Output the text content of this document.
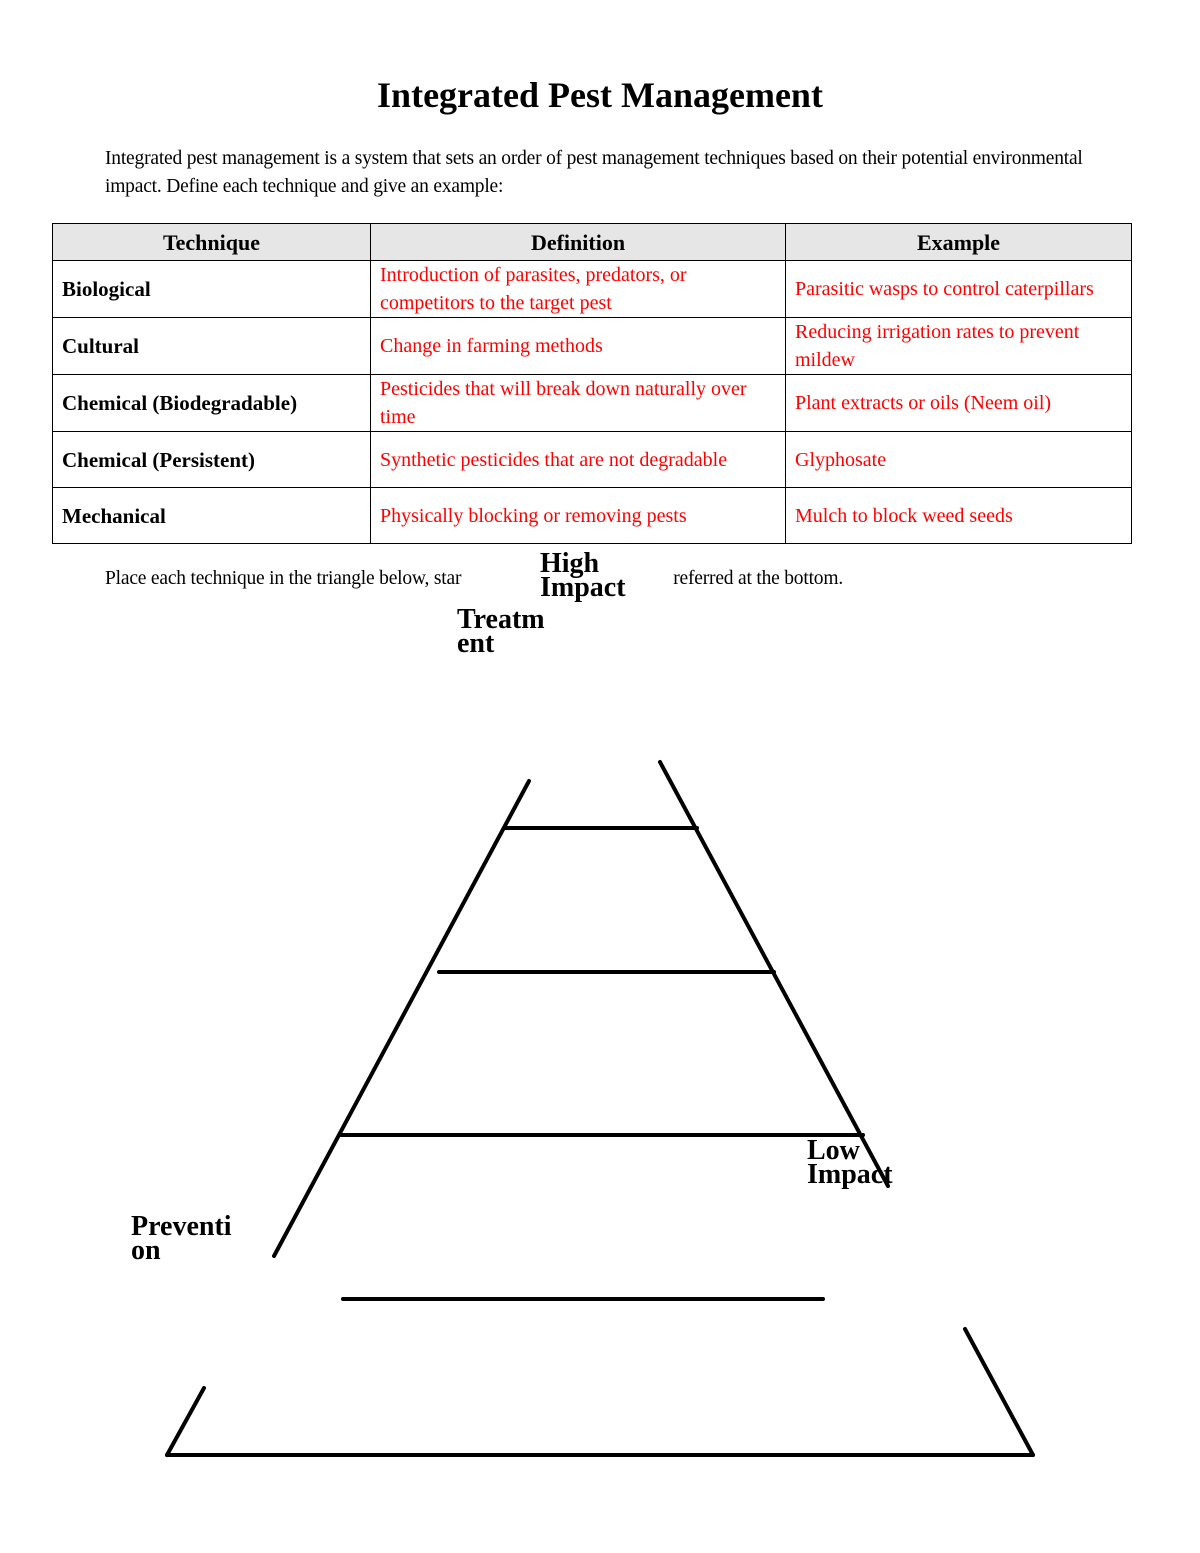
Integrated Pest Management

Integrated pest management is a system that sets an order of pest management techniques based on their potential environmental impact. Define each technique and give an example:

Technique	Definition	Example
Biological	Introduction of parasites, predators, or competitors to the target pest	Parasitic wasps to control caterpillars
Cultural	Change in farming methods	Reducing irrigation rates to prevent mildew
Chemical (Biodegradable)	Pesticides that will break down naturally over time	Plant extracts or oils (Neem oil)
Chemical (Persistent)	Synthetic pesticides that are not degradable	Glyphosate
Mechanical	Physically blocking or removing pests	Mulch to block weed seeds
Place each technique in the triangle below, star	referred at the bottom.
High
Impact
Treatm
ent
Low
Impact
Preventi
on
